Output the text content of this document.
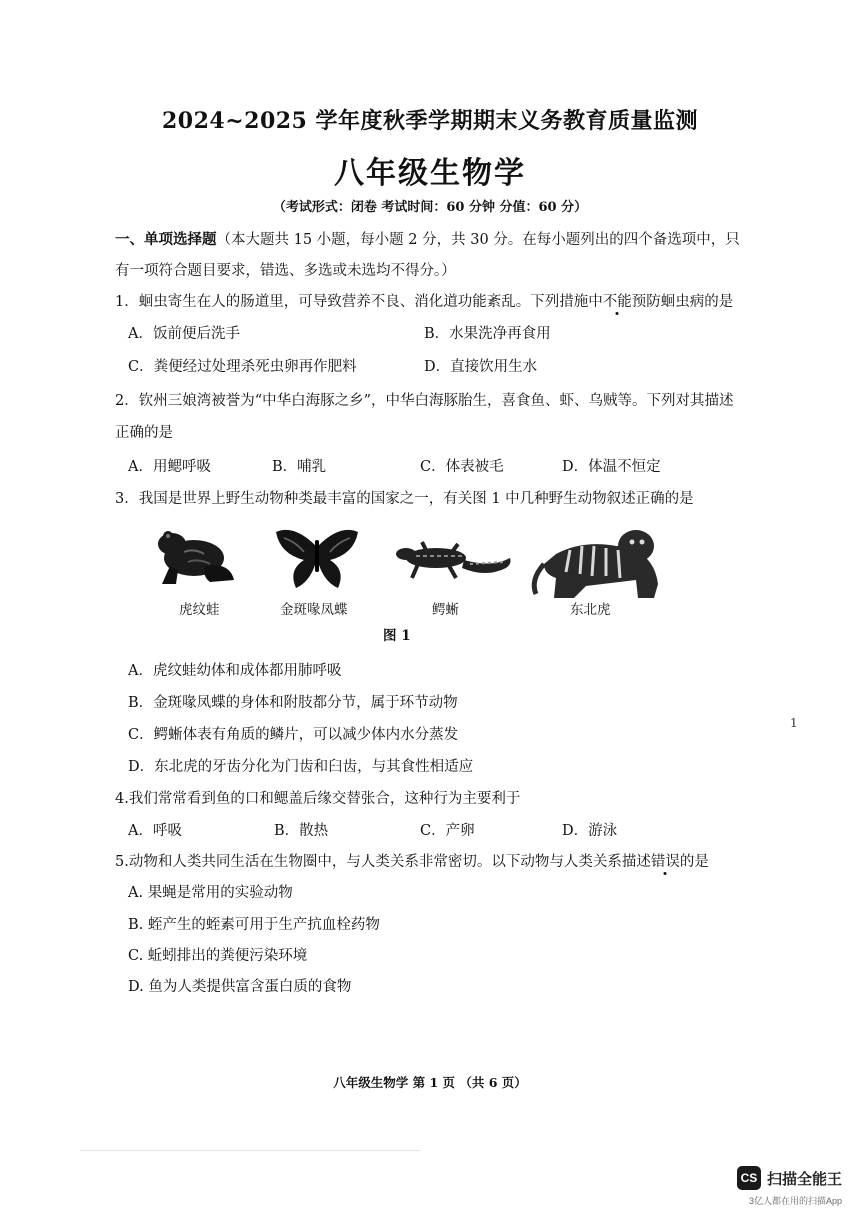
2024~2025 学年度秋季学期期末义务教育质量监测
八年级生物学
（考试形式：闭卷 考试时间：60 分钟 分值：60 分）
一、单项选择题（本大题共 15 小题，每小题 2 分，共 30 分。在每小题列出的四个备选项中，只
有一项符合题目要求，错选、多选或未选均不得分。）
1．蛔虫寄生在人的肠道里，可导致营养不良、消化道功能紊乱。下列措施中不能预防蛔虫病的是
A．饭前便后洗手	B．水果洗净再食用
C．粪便经过处理杀死虫卵再作肥料	D．直接饮用生水
2．钦州三娘湾被誉为“中华白海豚之乡”，中华白海豚胎生，喜食鱼、虾、乌贼等。下列对其描述
正确的是
A．用鳃呼吸	B．哺乳	C．体表被毛	D．体温不恒定
3．我国是世界上野生动物种类最丰富的国家之一，有关图 1 中几种野生动物叙述正确的是
虎纹蛙	金斑喙凤蝶	鳄蜥	东北虎
图 1
A．虎纹蛙幼体和成体都用肺呼吸
B．金斑喙凤蝶的身体和附肢都分节，属于环节动物
C．鳄蜥体表有角质的鳞片，可以减少体内水分蒸发
D．东北虎的牙齿分化为门齿和臼齿，与其食性相适应
4.我们常常看到鱼的口和鳃盖后缘交替张合，这种行为主要利于
A．呼吸	B．散热	C．产卵	D．游泳
5.动物和人类共同生活在生物圈中，与人类关系非常密切。以下动物与人类关系描述错误的是
A. 果蝇是常用的实验动物
B. 蛭产生的蛭素可用于生产抗血栓药物
C. 蚯蚓排出的粪便污染环境
D. 鱼为人类提供富含蛋白质的食物
八年级生物学 第 1 页 （共 6 页）
1
CS 扫描全能王
3亿人都在用的扫描App
